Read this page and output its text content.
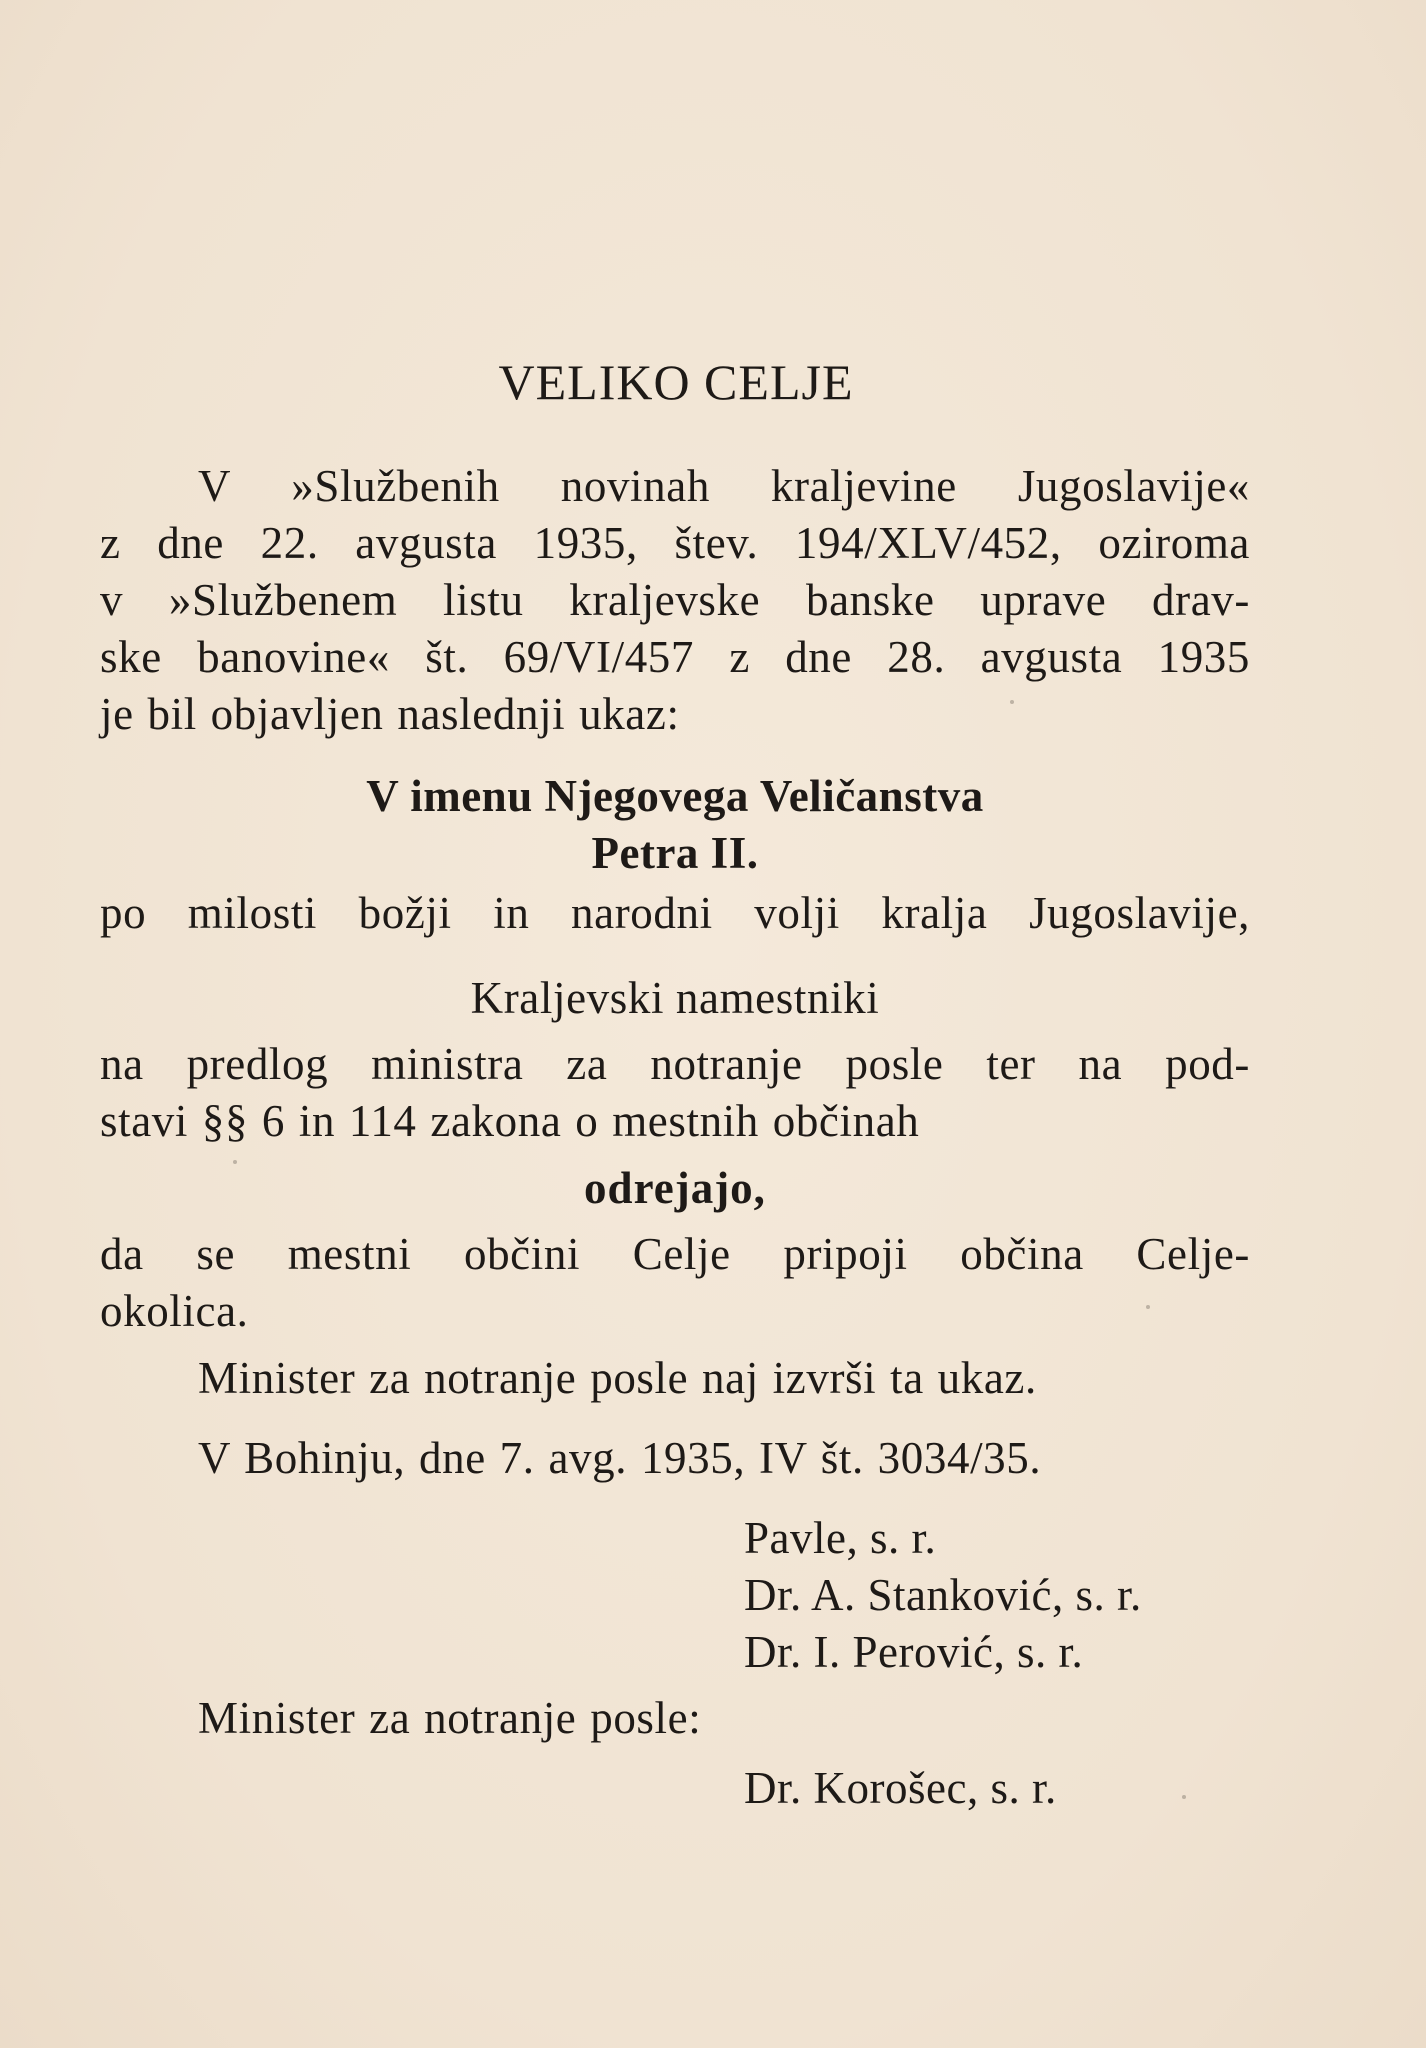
VELIKO CELJE

V »Službenih novinah kraljevine Jugoslavije«
z dne 22. avgusta 1935, štev. 194/XLV/452, oziroma
v »Službenem listu kraljevske banske uprave drav-
ske banovine« št. 69/VI/457 z dne 28. avgusta 1935
je bil objavljen naslednji ukaz:

V imenu Njegovega Veličanstva
Petra II.

po milosti božji in narodni volji kralja Jugoslavije,

Kraljevski namestniki

na predlog ministra za notranje posle ter na pod-
stavi §§ 6 in 114 zakona o mestnih občinah

odrejajo,

da se mestni občini Celje pripoji občina Celje-
okolica.

Minister za notranje posle naj izvrši ta ukaz.

V Bohinju, dne 7. avg. 1935, IV št. 3034/35.

Pavle, s. r.
Dr. A. Stanković, s. r.
Dr. I. Perović, s. r.

Minister za notranje posle:

Dr. Korošec, s. r.
